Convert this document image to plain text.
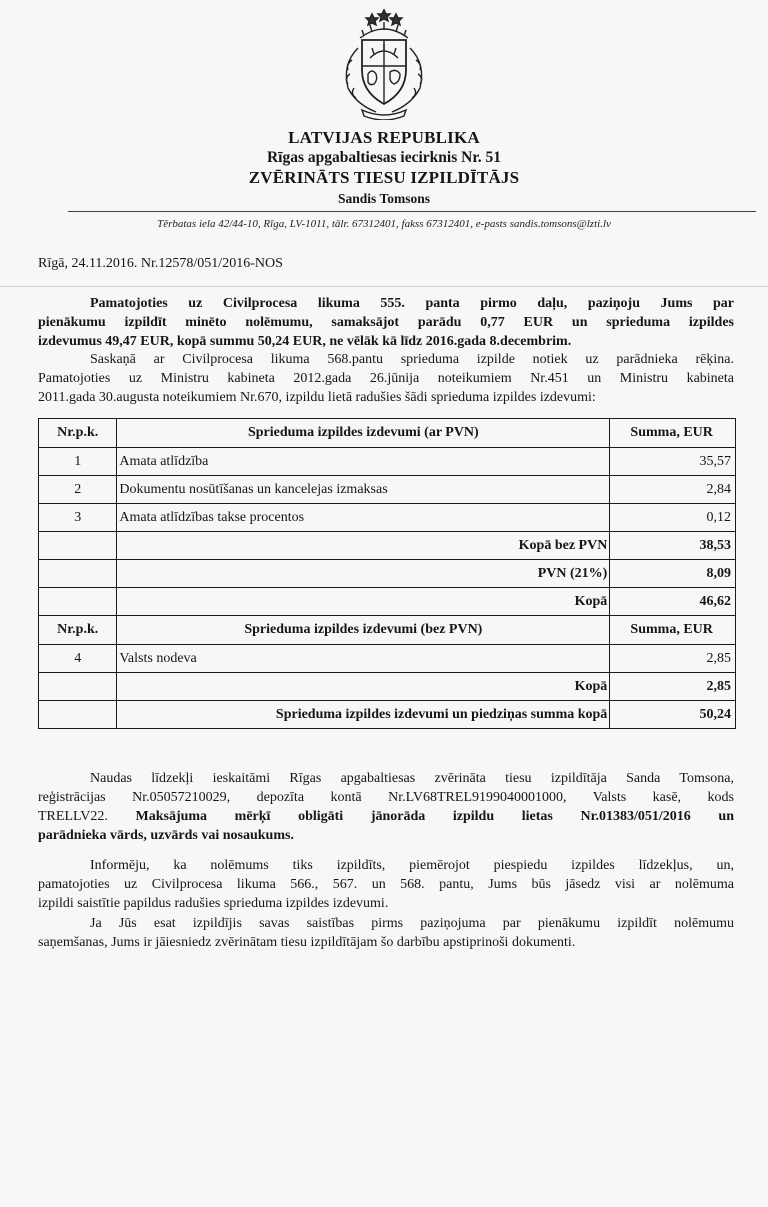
LATVIJAS REPUBLIKA
Rīgas apgabaltiesas iecirknis Nr. 51
ZVĒRINĀTS TIESU IZPILDĪTĀJS
Sandis Tomsons
Tērbatas iela 42/44-10, Rīga, LV-1011, tālr. 67312401, fakss 67312401, e-pasts sandis.tomsons@lzti.lv
Rīgā, 24.11.2016. Nr.12578/051/2016-NOS
Pamatojoties uz Civilprocesa likuma 555. panta pirmo daļu, paziņoju Jums par
pienākumu izpildīt minēto nolēmumu, samaksājot parādu 0,77 EUR un sprieduma izpildes
izdevumus 49,47 EUR, kopā summu 50,24 EUR, ne vēlāk kā līdz 2016.gada 8.decembrim.
Saskaņā ar Civilprocesa likuma 568.pantu sprieduma izpilde notiek uz parādnieka rēķina.
Pamatojoties uz Ministru kabineta 2012.gada 26.jūnija noteikumiem Nr.451 un Ministru kabineta
2011.gada 30.augusta noteikumiem Nr.670, izpildu lietā radušies šādi sprieduma izpildes izdevumi:
Nr.p.k.	Sprieduma izpildes izdevumi (ar PVN)	Summa, EUR
1	Amata atlīdzība	35,57
2	Dokumentu nosūtīšanas un kancelejas izmaksas	2,84
3	Amata atlīdzības takse procentos	0,12
	Kopā bez PVN	38,53
	PVN (21%)	8,09
	Kopā	46,62
Nr.p.k.	Sprieduma izpildes izdevumi (bez PVN)	Summa, EUR
4	Valsts nodeva	2,85
	Kopā	2,85
	Sprieduma izpildes izdevumi un piedziņas summa kopā	50,24
Naudas līdzekļi ieskaitāmi Rīgas apgabaltiesas zvērināta tiesu izpildītāja Sanda Tomsona,
reģistrācijas Nr.05057210029, depozīta kontā Nr.LV68TREL9199040001000, Valsts kasē, kods
TRELLV22. Maksājuma mērķī obligāti jānorāda izpildu lietas Nr.01383/051/2016 un
parādnieka vārds, uzvārds vai nosaukums.
Informēju, ka nolēmums tiks izpildīts, piemērojot piespiedu izpildes līdzekļus, un,
pamatojoties uz Civilprocesa likuma 566., 567. un 568. pantu, Jums būs jāsedz visi ar nolēmuma
izpildi saistītie papildus radušies sprieduma izpildes izdevumi.
Ja Jūs esat izpildījis savas saistības pirms paziņojuma par pienākumu izpildīt nolēmumu
saņemšanas, Jums ir jāiesniedz zvērinātam tiesu izpildītājam šo darbību apstiprinoši dokumenti.
